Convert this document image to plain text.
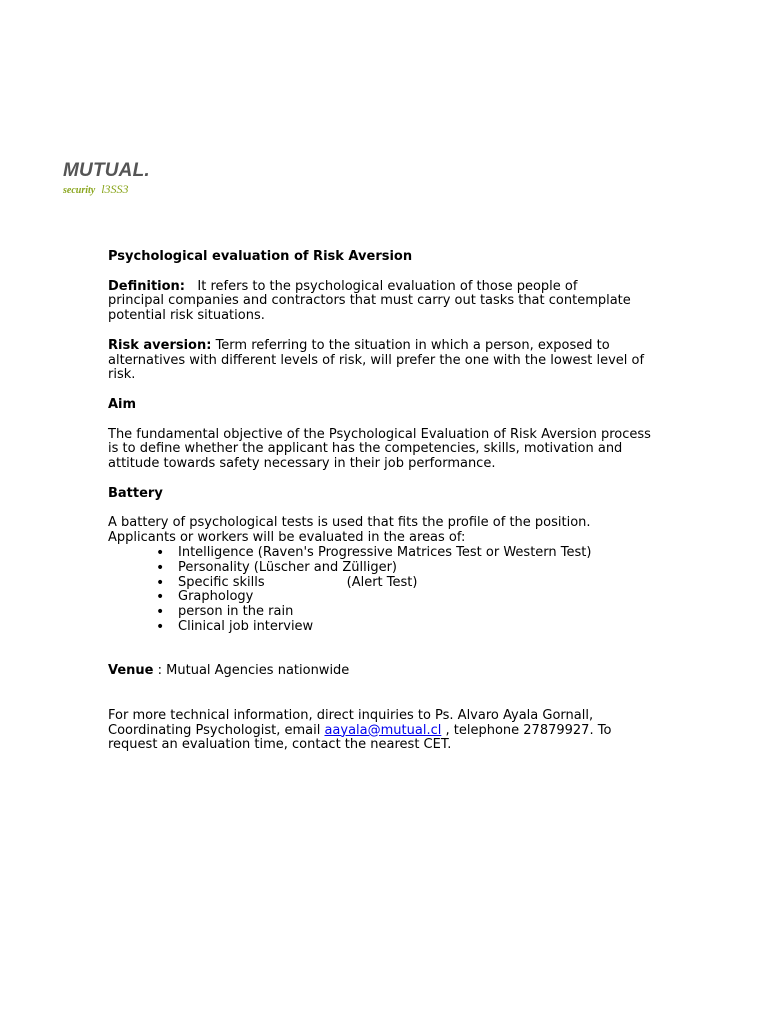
MUTUAL.
security l3SS3

Psychological evaluation of Risk Aversion

Definition: It refers to the psychological evaluation of those people of

principal companies and contractors that must carry out tasks that contemplate

potential risk situations.

Risk aversion: Term referring to the situation in which a person, exposed to

alternatives with different levels of risk, will prefer the one with the lowest level of

risk.

Aim

The fundamental objective of the Psychological Evaluation of Risk Aversion process

is to define whether the applicant has the competencies, skills, motivation and

attitude towards safety necessary in their job performance.

Battery

A battery of psychological tests is used that fits the profile of the position.

Applicants or workers will be evaluated in the areas of:

• Intelligence (Raven's Progressive Matrices Test or Western Test)
• Personality (Lüscher and Zülliger)
• Specific skills	(Alert Test)
• Graphology
• person in the rain
• Clinical job interview

Venue : Mutual Agencies nationwide

For more technical information, direct inquiries to Ps. Alvaro Ayala Gornall,

Coordinating Psychologist, email aayala@mutual.cl , telephone 27879927. To

request an evaluation time, contact the nearest CET.
